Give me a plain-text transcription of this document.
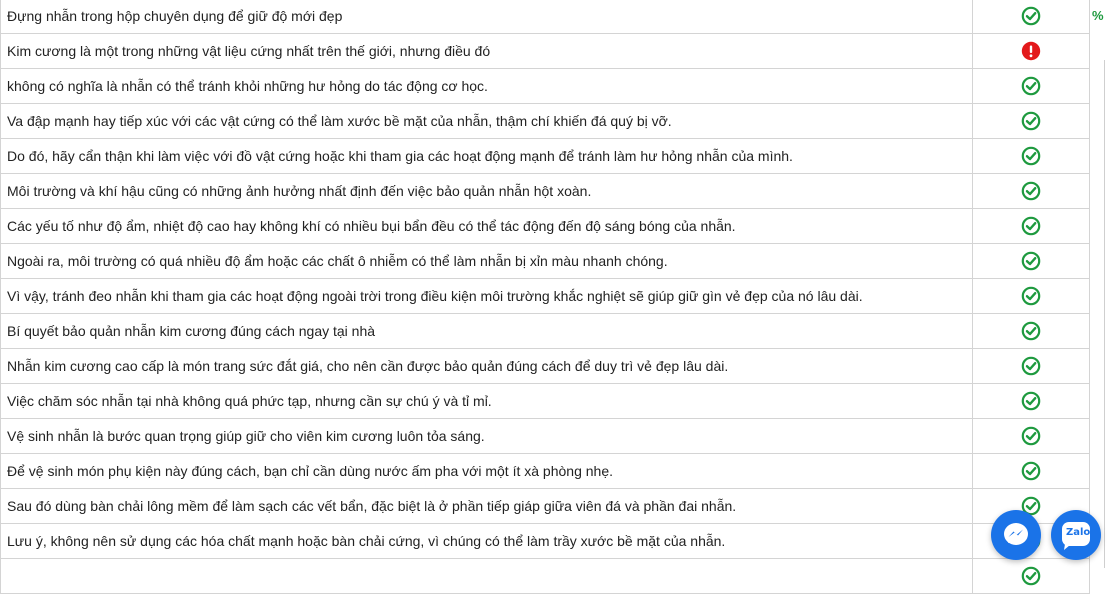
Đựng nhẫn trong hộp chuyên dụng để giữ độ mới đẹp	
Kim cương là một trong những vật liệu cứng nhất trên thế giới, nhưng điều đó	
không có nghĩa là nhẫn có thể tránh khỏi những hư hỏng do tác động cơ học.	
Va đập mạnh hay tiếp xúc với các vật cứng có thể làm xước bề mặt của nhẫn, thậm chí khiến đá quý bị vỡ.	
Do đó, hãy cẩn thận khi làm việc với đồ vật cứng hoặc khi tham gia các hoạt động mạnh để tránh làm hư hỏng nhẫn của mình.	
Môi trường và khí hậu cũng có những ảnh hưởng nhất định đến việc bảo quản nhẫn hột xoàn.	
Các yếu tố như độ ẩm, nhiệt độ cao hay không khí có nhiều bụi bẩn đều có thể tác động đến độ sáng bóng của nhẫn.	
Ngoài ra, môi trường có quá nhiều độ ẩm hoặc các chất ô nhiễm có thể làm nhẫn bị xỉn màu nhanh chóng.	
Vì vậy, tránh đeo nhẫn khi tham gia các hoạt động ngoài trời trong điều kiện môi trường khắc nghiệt sẽ giúp giữ gìn vẻ đẹp của nó lâu dài.	
Bí quyết bảo quản nhẫn kim cương đúng cách ngay tại nhà	
Nhẫn kim cương cao cấp là món trang sức đắt giá, cho nên cần được bảo quản đúng cách để duy trì vẻ đẹp lâu dài.	
Việc chăm sóc nhẫn tại nhà không quá phức tạp, nhưng cần sự chú ý và tỉ mỉ.	
Vệ sinh nhẫn là bước quan trọng giúp giữ cho viên kim cương luôn tỏa sáng.	
Để vệ sinh món phụ kiện này đúng cách, bạn chỉ cần dùng nước ấm pha với một ít xà phòng nhẹ.	
Sau đó dùng bàn chải lông mềm để làm sạch các vết bẩn, đặc biệt là ở phần tiếp giáp giữa viên đá và phần đai nhẫn.	
Lưu ý, không nên sử dụng các hóa chất mạnh hoặc bàn chải cứng, vì chúng có thể làm trầy xước bề mặt của nhẫn.	

%
Zalo
